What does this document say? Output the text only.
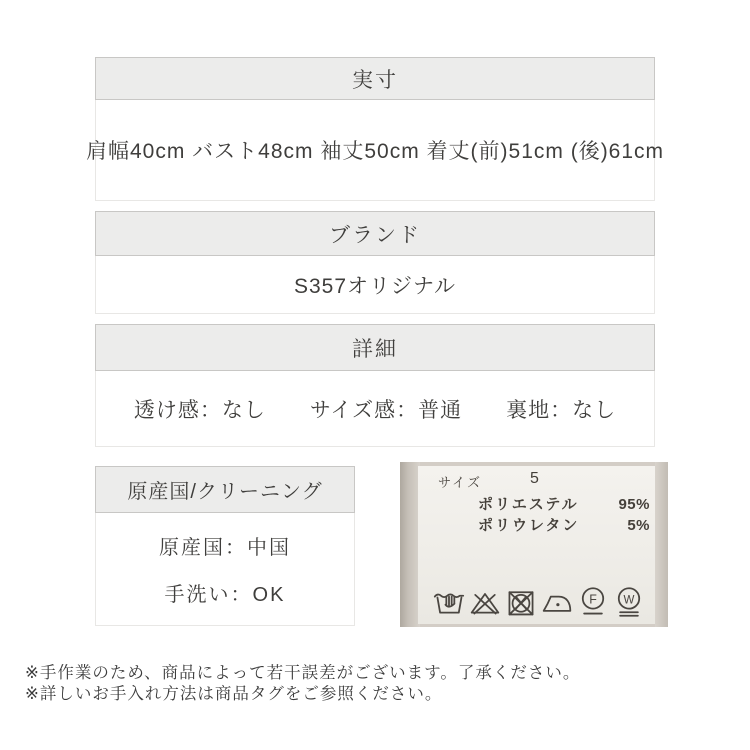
実寸
肩幅40cm バスト48cm 袖丈50cm 着丈(前)51cm (後)61cm
ブランド
S357オリジナル
詳細
透け感：なし　　サイズ感：普通　　裏地：なし
原産国/クリーニング
原産国：中国
手洗い：OK
サイズ	5
ポリエステル	95%
ポリウレタン	5%
F W

※手作業のため、商品によって若干誤差がございます。了承ください。

※詳しいお手入れ方法は商品タグをご参照ください。
